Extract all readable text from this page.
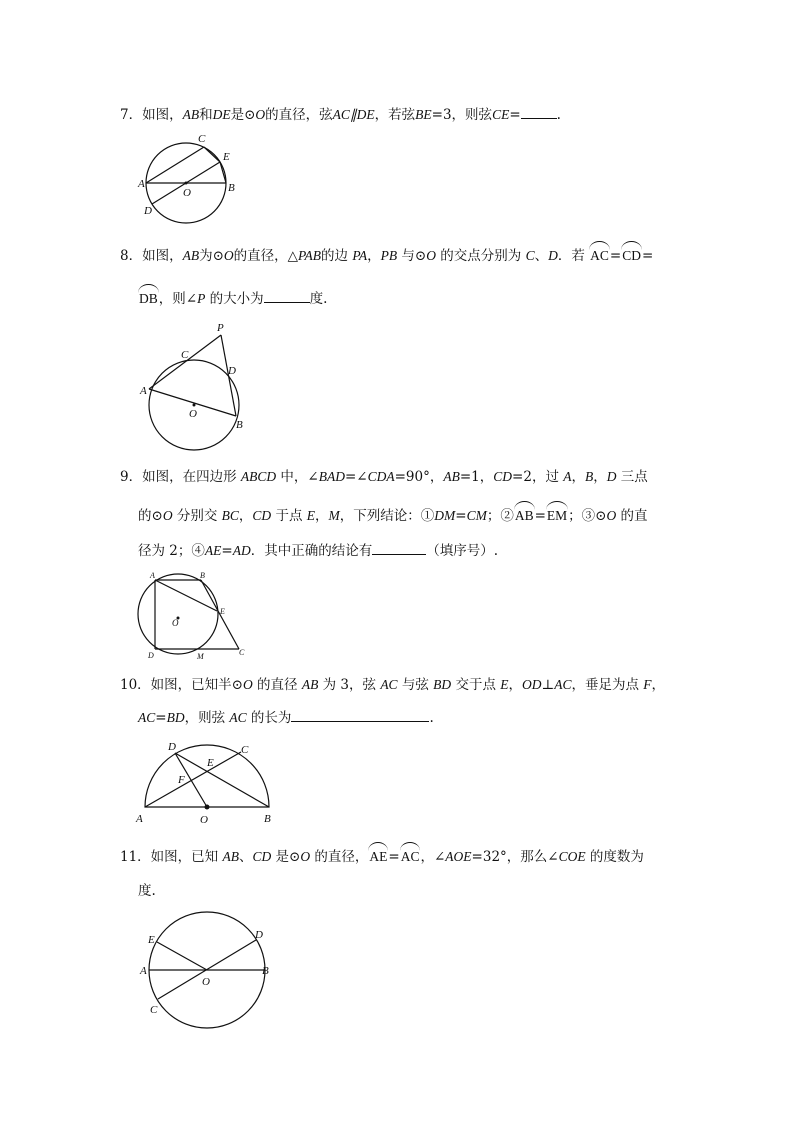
7．如图，AB和DE是⊙O的直径，弦AC∥DE，若弦BE=3，则弦CE=	.
A	B
C
D
E
O
8．如图，AB为⊙O的直径，△PAB的边 PA，PB 与⊙O 的交点分别为 C、D．若 AC=CD=
DB，则∠P 的大小为	度.
A
B
C
D
P
O
9．如图，在四边形 ABCD 中，∠BAD=∠CDA=90°，AB=1，CD=2，过 A，B，D 三点
的⊙O 分别交 BC，CD 于点 E，M，下列结论：①DM=CM；②AB=EM；③⊙O 的直
径为 2；④AE=AD．其中正确的结论有	（填序号）.
A	B
C
D
E
M
O
10．如图，已知半⊙O 的直径 AB 为 3，弦 AC 与弦 BD 交于点 E，OD⊥AC，垂足为点 F，
AC=BD，则弦 AC 的长为	.
A	B
C
D
E
F
O
11．如图，已知 AB、CD 是⊙O 的直径，AE=AC，∠AOE=32°，那么∠COE 的度数为
度.
A	B
C
D
E
O
